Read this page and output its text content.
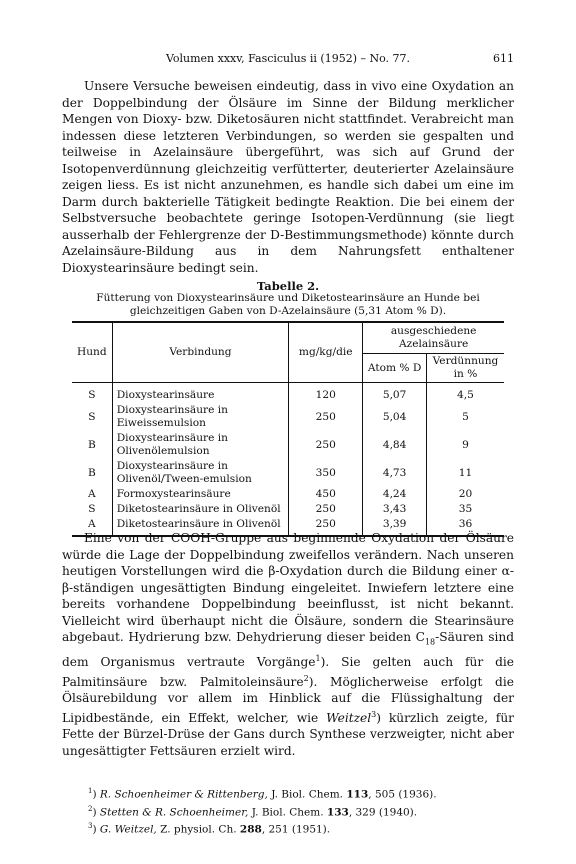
Volumen xxxv, Fasciculus ii (1952) – No. 77.	611

Unsere Versuche beweisen eindeutig, dass in vivo eine Oxydation an der Doppelbindung der Ölsäure im Sinne der Bildung merklicher Mengen von Dioxy- bzw. Diketosäuren nicht stattfindet. Verabreicht man indessen diese letzteren Verbindungen, so werden sie gespalten und teilweise in Azelainsäure übergeführt, was sich auf Grund der Isotopenverdünnung gleichzeitig verfütterter, deuterierter Azelainsäure zeigen liess. Es ist nicht anzunehmen, es handle sich dabei um eine im Darm durch bakterielle Tätigkeit bedingte Reaktion. Die bei einem der Selbstversuche beobachtete geringe Isotopen-Verdünnung (sie liegt ausserhalb der Fehlergrenze der D-Bestimmungsmethode) könnte durch Azelainsäure-Bildung aus in dem Nahrungsfett enthaltener Dioxystearinsäure bedingt sein.

Tabelle 2.
Fütterung von Dioxystearinsäure und Diketostearinsäure an Hunde bei gleichzeitigen Gaben von D-Azelainsäure (5,31 Atom % D).
Hund	Verbindung	mg/kg/die	ausgeschiedene Azelainsäure	
			Atom % D	Verdünnung in %
S	Dioxystearinsäure	120	5,07	4,5
S	Dioxystearinsäure in Eiweissemulsion	250	5,04	5
B	Dioxystearinsäure in Olivenölemulsion	250	4,84	9
B	Dioxystearinsäure in Olivenöl/Tween-emulsion	350	4,73	11
A	Formoxystearinsäure	450	4,24	20
S	Diketostearinsäure in Olivenöl	250	3,43	35
A	Diketostearinsäure in Olivenöl	250	3,39	36

Eine von der COOH-Gruppe aus beginnende Oxydation der Ölsäure würde die Lage der Doppelbindung zweifellos verändern. Nach unseren heutigen Vorstellungen wird die β-Oxydation durch die Bildung einer α-β-ständigen ungesättigten Bindung eingeleitet. Inwiefern letztere eine bereits vorhandene Doppelbindung beeinflusst, ist nicht bekannt. Vielleicht wird überhaupt nicht die Ölsäure, sondern die Stearinsäure abgebaut. Hydrierung bzw. Dehydrierung dieser beiden $C_{18}$-Säuren sind dem Organismus vertraute Vorgänge$^1$). Sie gelten auch für die Palmitinsäure bzw. Palmitoleinsäure$^2$). Möglicherweise erfolgt die Ölsäurebildung vor allem im Hinblick auf die Flüssighaltung der Lipidbestände, ein Effekt, welcher, wie Weitzel$^3$) kürzlich zeigte, für Fette der Bürzel-Drüse der Gans durch Synthese verzweigter, nicht aber ungesättigter Fettsäuren erzielt wird.

$^1$) R. Schoenheimer & Rittenberg, J. Biol. Chem. 113, 505 (1936).
$^2$) Stetten & R. Schoenheimer, J. Biol. Chem. 133, 329 (1940).
$^3$) G. Weitzel, Z. physiol. Ch. 288, 251 (1951).
